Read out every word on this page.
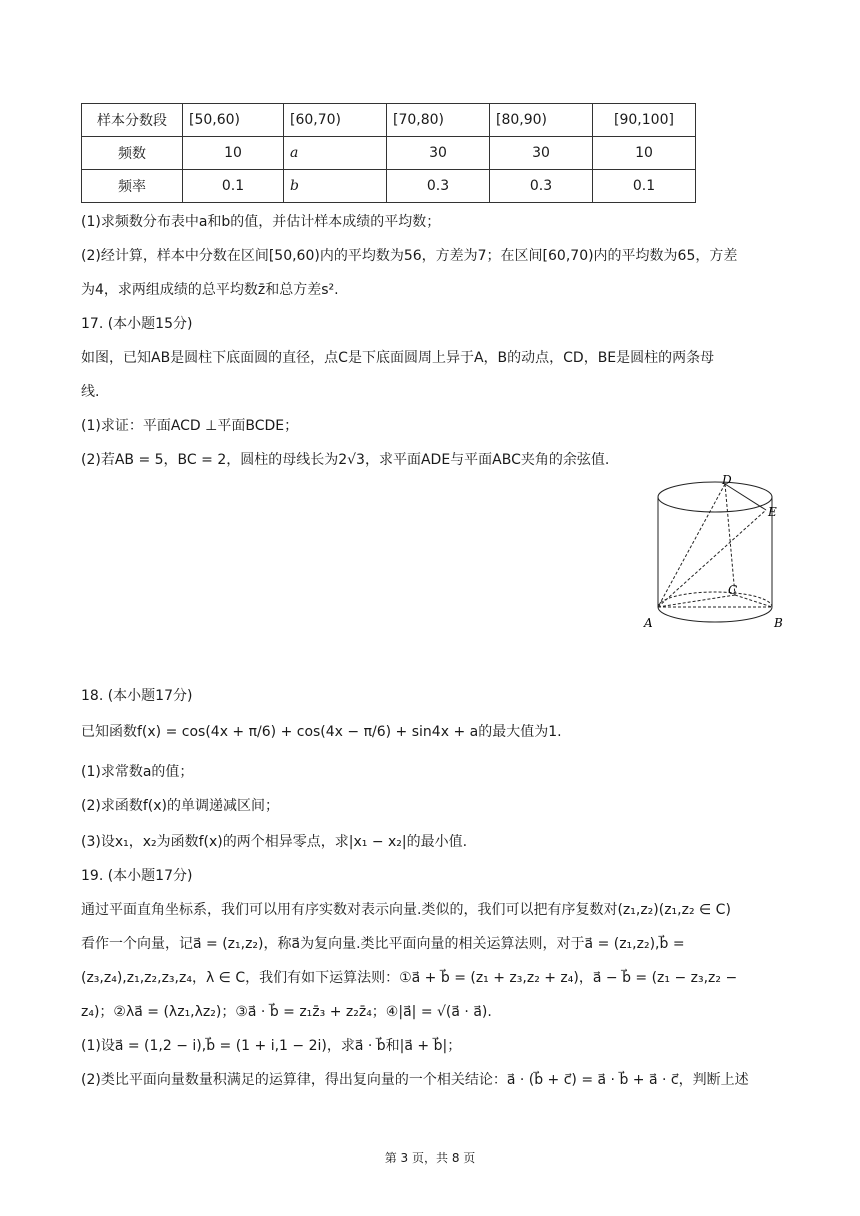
样本分数段	[50,60)	[60,70)	[70,80)	[80,90)	[90,100]
频数	10	a	30	30	10
频率	0.1	b	0.3	0.3	0.1
(1)求频数分布表中a和b的值，并估计样本成绩的平均数；
(2)经计算，样本中分数在区间[50,60)内的平均数为56，方差为7；在区间[60,70)内的平均数为65，方差
为4，求两组成绩的总平均数z̄和总方差s².
17. (本小题15分)
如图，已知AB是圆柱下底面圆的直径，点C是下底面圆周上异于A，B的动点，CD，BE是圆柱的两条母
线.
(1)求证：平面ACD ⊥平面BCDE；
(2)若AB = 5，BC = 2，圆柱的母线长为2√3，求平面ADE与平面ABC夹角的余弦值.
D
E
C
A	B
18. (本小题17分)
已知函数f(x) = cos(4x + π/6) + cos(4x − π/6) + sin4x + a的最大值为1.
(1)求常数a的值；
(2)求函数f(x)的单调递减区间；
(3)设x₁，x₂为函数f(x)的两个相异零点，求|x₁ − x₂|的最小值.
19. (本小题17分)
通过平面直角坐标系，我们可以用有序实数对表示向量.类似的，我们可以把有序复数对(z₁,z₂)(z₁,z₂ ∈ C)
看作一个向量，记a⃗ = (z₁,z₂)，称a⃗为复向量.类比平面向量的相关运算法则，对于a⃗ = (z₁,z₂),b⃗ =
(z₃,z₄),z₁,z₂,z₃,z₄，λ ∈ C，我们有如下运算法则：①a⃗ + b⃗ = (z₁ + z₃,z₂ + z₄)，a⃗ − b⃗ = (z₁ − z₃,z₂ −
z₄)；②λa⃗ = (λz₁,λz₂)；③a⃗ · b⃗ = z₁z̄₃ + z₂z̄₄；④|a⃗| = √(a⃗ · a⃗).
(1)设a⃗ = (1,2 − i),b⃗ = (1 + i,1 − 2i)，求a⃗ · b⃗和|a⃗ + b⃗|；
(2)类比平面向量数量积满足的运算律，得出复向量的一个相关结论：a⃗ · (b⃗ + c⃗) = a⃗ · b⃗ + a⃗ · c⃗，判断上述
第 3 页，共 8 页
